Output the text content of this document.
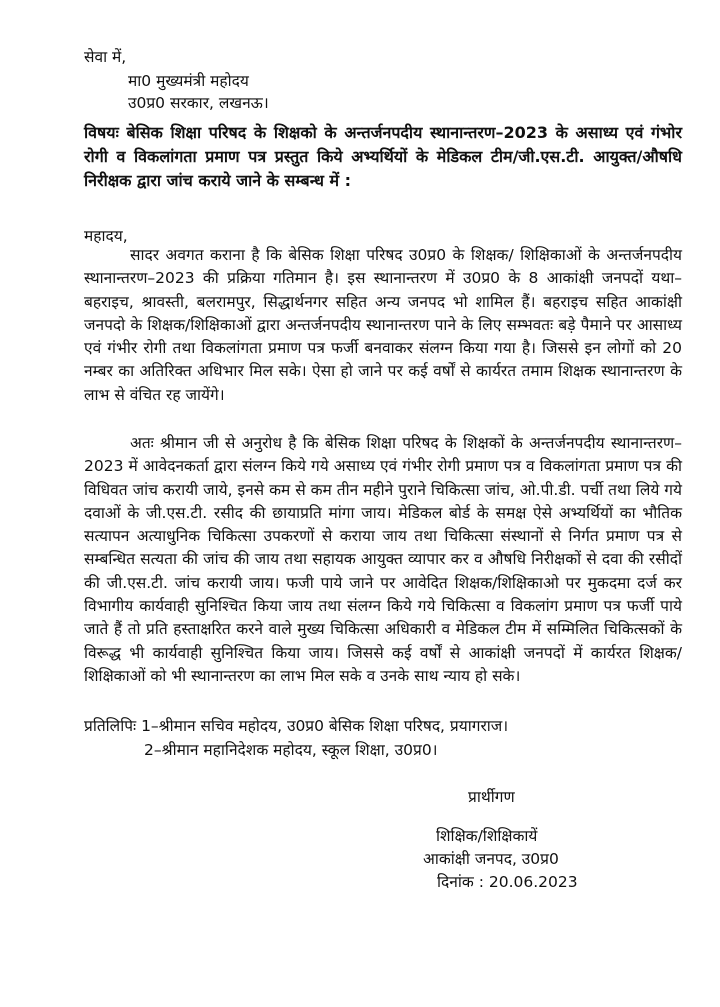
सेवा में,
मा0 मुख्यमंत्री महोदय
उ0प्र0 सरकार, लखनऊ।
विषयः बेसिक शिक्षा परिषद के शिक्षको के अन्तर्जनपदीय स्थानान्तरण–2023 के असाध्य एवं गंभोर रोगी व विकलांगता प्रमाण पत्र प्रस्तुत किये अभ्यर्थियों के मेडिकल टीम/जी.एस.टी. आयुक्त/औषधि निरीक्षक द्वारा जांच कराये जाने के सम्बन्ध में :
महादय,
सादर अवगत कराना है कि बेसिक शिक्षा परिषद उ0प्र0 के शिक्षक/ शिक्षिकाओं के अन्तर्जनपदीय स्थानान्तरण–2023 की प्रक्रिया गतिमान है। इस स्थानान्तरण में उ0प्र0 के 8 आकांक्षी जनपदों यथा–बहराइच, श्रावस्ती, बलरामपुर, सिद्धार्थनगर सहित अन्य जनपद भो शामिल हैं। बहराइच सहित आकांक्षी जनपदो के शिक्षक/शिक्षिकाओं द्वारा अन्तर्जनपदीय स्थानान्तरण पाने के लिए सम्भवतः बड़े पैमाने पर आसाध्य एवं गंभीर रोगी तथा विकलांगता प्रमाण पत्र फर्जी बनवाकर संलग्न किया गया है। जिससे इन लोगों को 20 नम्बर का अतिरिक्त अधिभार मिल सके। ऐसा हो जाने पर कई वर्षों से कार्यरत तमाम शिक्षक स्थानान्तरण के लाभ से वंचित रह जायेंगे।
अतः श्रीमान जी से अनुरोध है कि बेसिक शिक्षा परिषद के शिक्षकों के अन्तर्जनपदीय स्थानान्तरण–2023 में आवेदनकर्ता द्वारा संलग्न किये गये असाध्य एवं गंभीर रोगी प्रमाण पत्र व विकलांगता प्रमाण पत्र की विधिवत जांच करायी जाये, इनसे कम से कम तीन महीने पुराने चिकित्सा जांच, ओ.पी.डी. पर्ची तथा लिये गये दवाओं के जी.एस.टी. रसीद की छायाप्रति मांगा जाय। मेडिकल बोर्ड के समक्ष ऐसे अभ्यर्थियों का भौतिक सत्यापन अत्याधुनिक चिकित्सा उपकरणों से कराया जाय तथा चिकित्सा संस्थानों से निर्गत प्रमाण पत्र से सम्बन्धित सत्यता की जांच की जाय तथा सहायक आयुक्त व्यापार कर व औषधि निरीक्षकों से दवा की रसीदों की जी.एस.टी. जांच करायी जाय। फजी पाये जाने पर आवेदित शिक्षक/शिक्षिकाओ पर मुकदमा दर्ज कर विभागीय कार्यवाही सुनिश्चित किया जाय तथा संलग्न किये गये चिकित्सा व विकलांग प्रमाण पत्र फर्जी पाये जाते हैं तो प्रति हस्ताक्षरित करने वाले मुख्य चिकित्सा अधिकारी व मेडिकल टीम में सम्मिलित चिकित्सकों के विरूद्ध भी कार्यवाही सुनिश्चित किया जाय। जिससे कई वर्षों से आकांक्षी जनपदों में कार्यरत शिक्षक/शिक्षिकाओं को भी स्थानान्तरण का लाभ मिल सके व उनके साथ न्याय हो सके।
प्रतिलिपिः 1–श्रीमान सचिव महोदय, उ0प्र0 बेसिक शिक्षा परिषद, प्रयागराज।
2–श्रीमान महानिदेशक महोदय, स्कूल शिक्षा, उ0प्र0।
प्रार्थीगण
शिक्षिक/शिक्षिकायें
आकांक्षी जनपद, उ0प्र0
दिनांक : 20.06.2023
